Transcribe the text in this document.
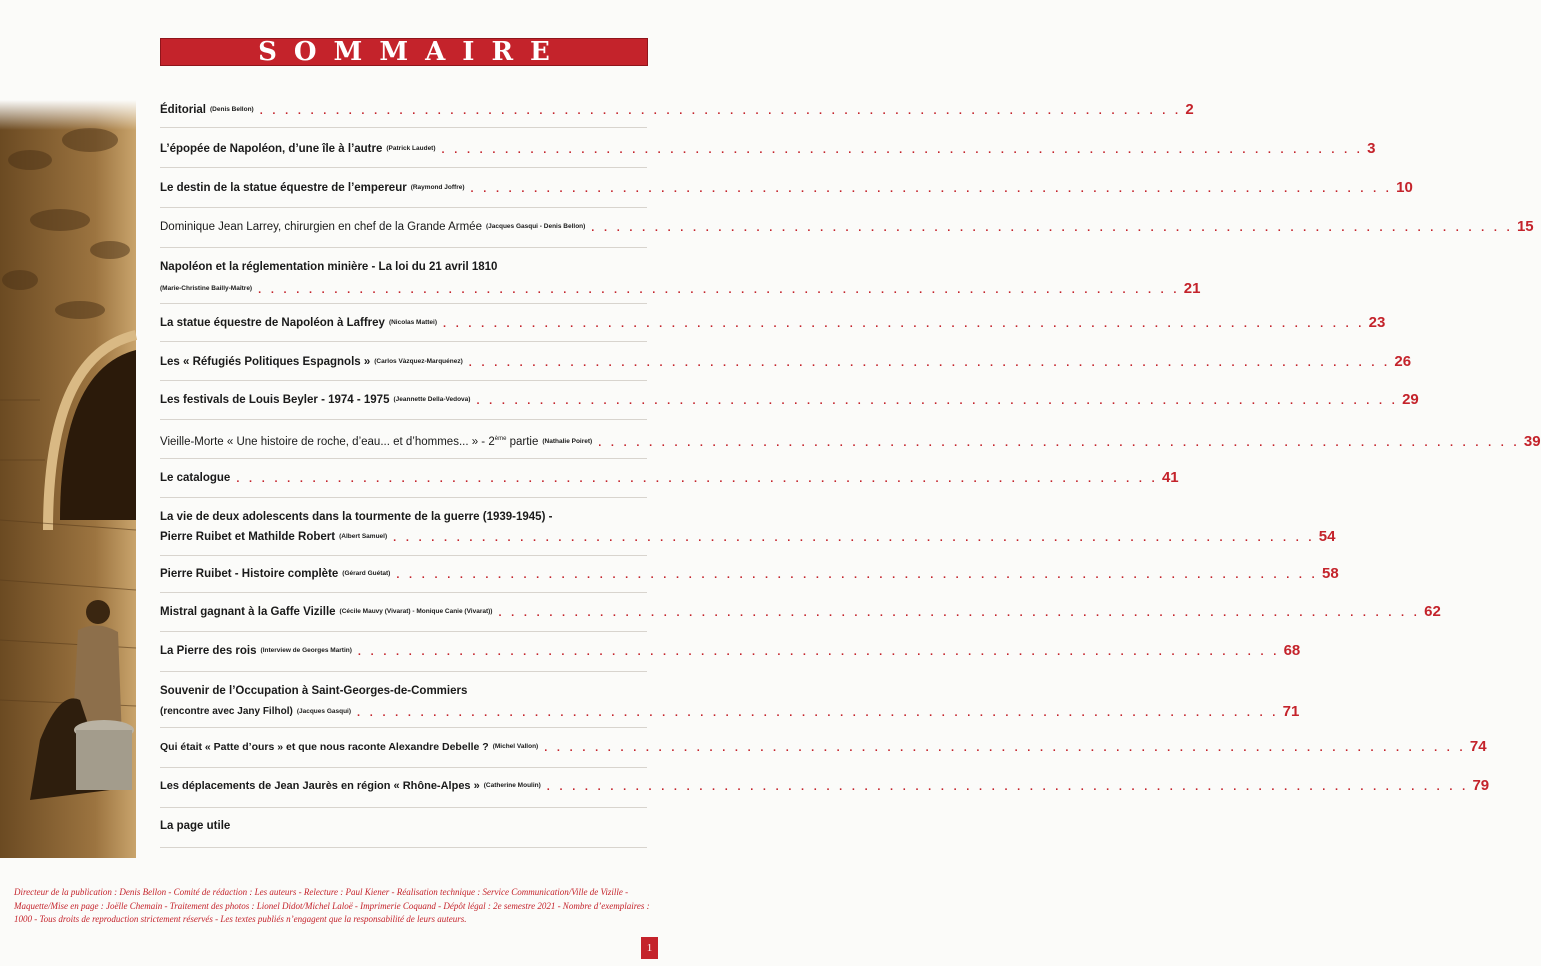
SOMMAIRE
Éditorial (Denis Bellon) . . . . . . . . . . . . . . . . . . . . . . . . . . . . . . . . . . . . . . . . . . . . . . . . . . . . . . . . . . . . . . . . . . . . . . . . . 2
L’épopée de Napoléon, d’une île à l’autre (Patrick Laudet) . . . . . . . . . . . . . . . . . . . . . . . . . . . . . . . . . . . . . . . . . . . . . . . . . . . . . . . . . . . . . . . . . . . . . . . . . 3
Le destin de la statue équestre de l’empereur (Raymond Joffre) . . . . . . . . . . . . . . . . . . . . . . . . . . . . . . . . . . . . . . . . . . . . . . . . . . . . . . . . . . . . . . . . . . . . . . . . . 10
Dominique Jean Larrey, chirurgien en chef de la Grande Armée (Jacques Gasqui - Denis Bellon) . . . . . . . . . . . . . . . . . . . . . . . . . . . . . . . . . . . . . . . . . . . . . . . . . . . . . . . . . . . . . . . . . . . . . . . . . 15
Napoléon et la réglementation minière - La loi du 21 avril 1810
(Marie-Christine Bailly-Maître) . . . . . . . . . . . . . . . . . . . . . . . . . . . . . . . . . . . . . . . . . . . . . . . . . . . . . . . . . . . . . . . . . . . . . . . . . 21
La statue équestre de Napoléon à Laffrey (Nicolas Mattei) . . . . . . . . . . . . . . . . . . . . . . . . . . . . . . . . . . . . . . . . . . . . . . . . . . . . . . . . . . . . . . . . . . . . . . . . . 23
Les « Réfugiés Politiques Espagnols » (Carlos Vàzquez-Marquénez) . . . . . . . . . . . . . . . . . . . . . . . . . . . . . . . . . . . . . . . . . . . . . . . . . . . . . . . . . . . . . . . . . . . . . . . . . 26
Les festivals de Louis Beyler - 1974 - 1975 (Jeannette Della-Vedova) . . . . . . . . . . . . . . . . . . . . . . . . . . . . . . . . . . . . . . . . . . . . . . . . . . . . . . . . . . . . . . . . . . . . . . . . . 29
Vieille-Morte « Une histoire de roche, d’eau... et d’hommes... » - 2ème partie (Nathalie Poiret) . . . . . . . . . . . . . . . . . . . . . . . . . . . . . . . . . . . . . . . . . . . . . . . . . . . . . . . . . . . . . . . . . . . . . . . . . 39
Le catalogue . . . . . . . . . . . . . . . . . . . . . . . . . . . . . . . . . . . . . . . . . . . . . . . . . . . . . . . . . . . . . . . . . . . . . . . . . 41
La vie de deux adolescents dans la tourmente de la guerre (1939-1945) -
Pierre Ruibet et Mathilde Robert (Albert Samuel) . . . . . . . . . . . . . . . . . . . . . . . . . . . . . . . . . . . . . . . . . . . . . . . . . . . . . . . . . . . . . . . . . . . . . . . . . 54
Pierre Ruibet - Histoire complète (Gérard Guétat) . . . . . . . . . . . . . . . . . . . . . . . . . . . . . . . . . . . . . . . . . . . . . . . . . . . . . . . . . . . . . . . . . . . . . . . . . 58
Mistral gagnant à la Gaffe Vizille (Cécile Mauvy (Vivarat) - Monique Canie (Vivarat)) . . . . . . . . . . . . . . . . . . . . . . . . . . . . . . . . . . . . . . . . . . . . . . . . . . . . . . . . . . . . . . . . . . . . . . . . . 62
La Pierre des rois (Interview de Georges Martin) . . . . . . . . . . . . . . . . . . . . . . . . . . . . . . . . . . . . . . . . . . . . . . . . . . . . . . . . . . . . . . . . . . . . . . . . . 68
Souvenir de l’Occupation à Saint-Georges-de-Commiers
(rencontre avec Jany Filhol) (Jacques Gasqui) . . . . . . . . . . . . . . . . . . . . . . . . . . . . . . . . . . . . . . . . . . . . . . . . . . . . . . . . . . . . . . . . . . . . . . . . . 71
Qui était « Patte d’ours » et que nous raconte Alexandre Debelle ? (Michel Vallon) . . . . . . . . . . . . . . . . . . . . . . . . . . . . . . . . . . . . . . . . . . . . . . . . . . . . . . . . . . . . . . . . . . . . . . . . . 74
Les déplacements de Jean Jaurès en région « Rhône-Alpes » (Catherine Moulin) . . . . . . . . . . . . . . . . . . . . . . . . . . . . . . . . . . . . . . . . . . . . . . . . . . . . . . . . . . . . . . . . . . . . . . . . . 79
La page utile
Directeur de la publication : Denis Bellon - Comité de rédaction : Les auteurs - Relecture : Paul Kiener - Réalisation technique : Service Communication/Ville de Vizille - Maquette/Mise en page : Joëlle Chemain - Traitement des photos : Lionel Didot/Michel Laloë - Imprimerie Coquand - Dépôt légal : 2e semestre 2021 - Nombre d’exemplaires : 1000 - Tous droits de reproduction strictement réservés - Les textes publiés n’engagent que la responsabilité de leurs auteurs.
1
